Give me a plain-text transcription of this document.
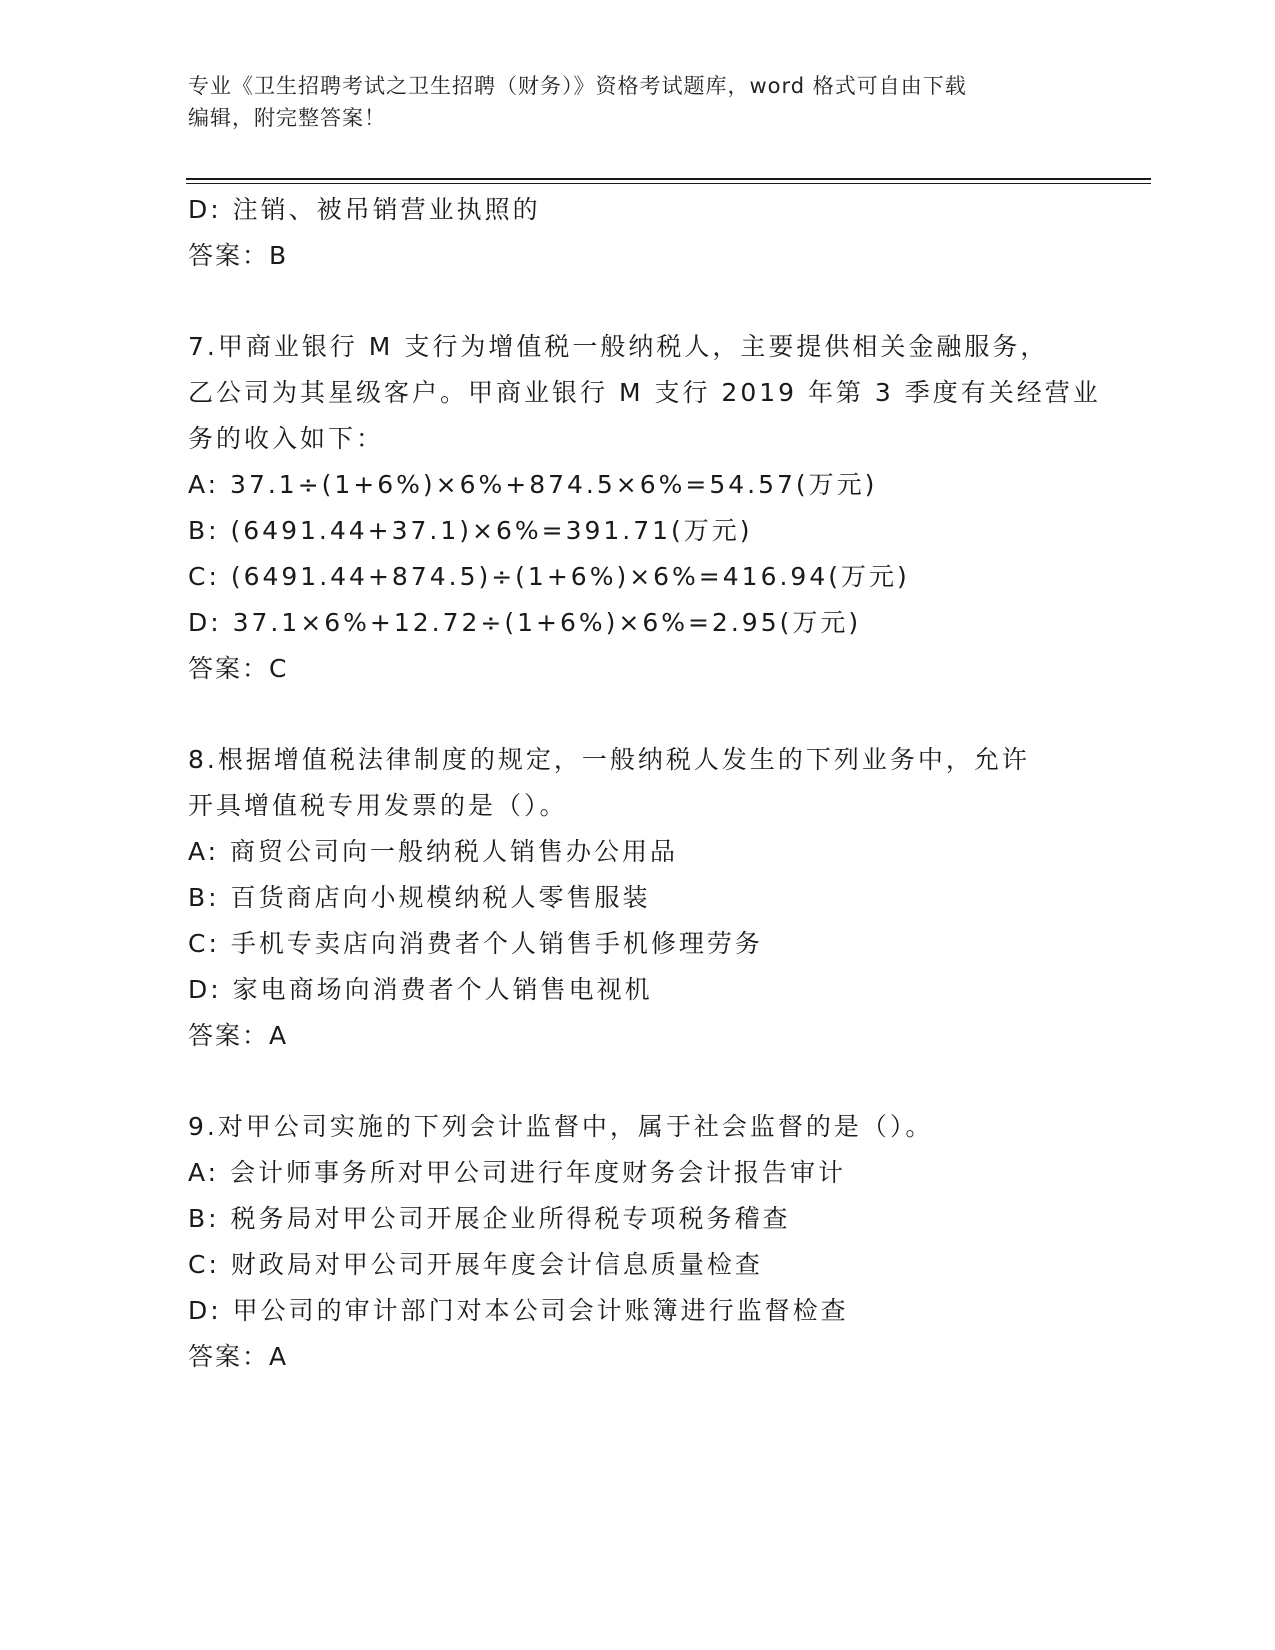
专业《卫生招聘考试之卫生招聘（财务）》资格考试题库，word 格式可自由下载
编辑，附完整答案！
D: 注销、被吊销营业执照的
答案：B
7.甲商业银行 M 支行为增值税一般纳税人，主要提供相关金融服务，
乙公司为其星级客户。甲商业银行 M 支行 2019 年第 3 季度有关经营业
务的收入如下：
A: 37.1÷(1+6%)×6%+874.5×6%=54.57(万元)
B: (6491.44+37.1)×6%=391.71(万元)
C: (6491.44+874.5)÷(1+6%)×6%=416.94(万元)
D: 37.1×6%+12.72÷(1+6%)×6%=2.95(万元)
答案：C
8.根据增值税法律制度的规定，一般纳税人发生的下列业务中，允许
开具增值税专用发票的是（）。
A: 商贸公司向一般纳税人销售办公用品
B: 百货商店向小规模纳税人零售服装
C: 手机专卖店向消费者个人销售手机修理劳务
D: 家电商场向消费者个人销售电视机
答案：A
9.对甲公司实施的下列会计监督中，属于社会监督的是（）。
A: 会计师事务所对甲公司进行年度财务会计报告审计
B: 税务局对甲公司开展企业所得税专项税务稽查
C: 财政局对甲公司开展年度会计信息质量检查
D: 甲公司的审计部门对本公司会计账簿进行监督检查
答案：A
